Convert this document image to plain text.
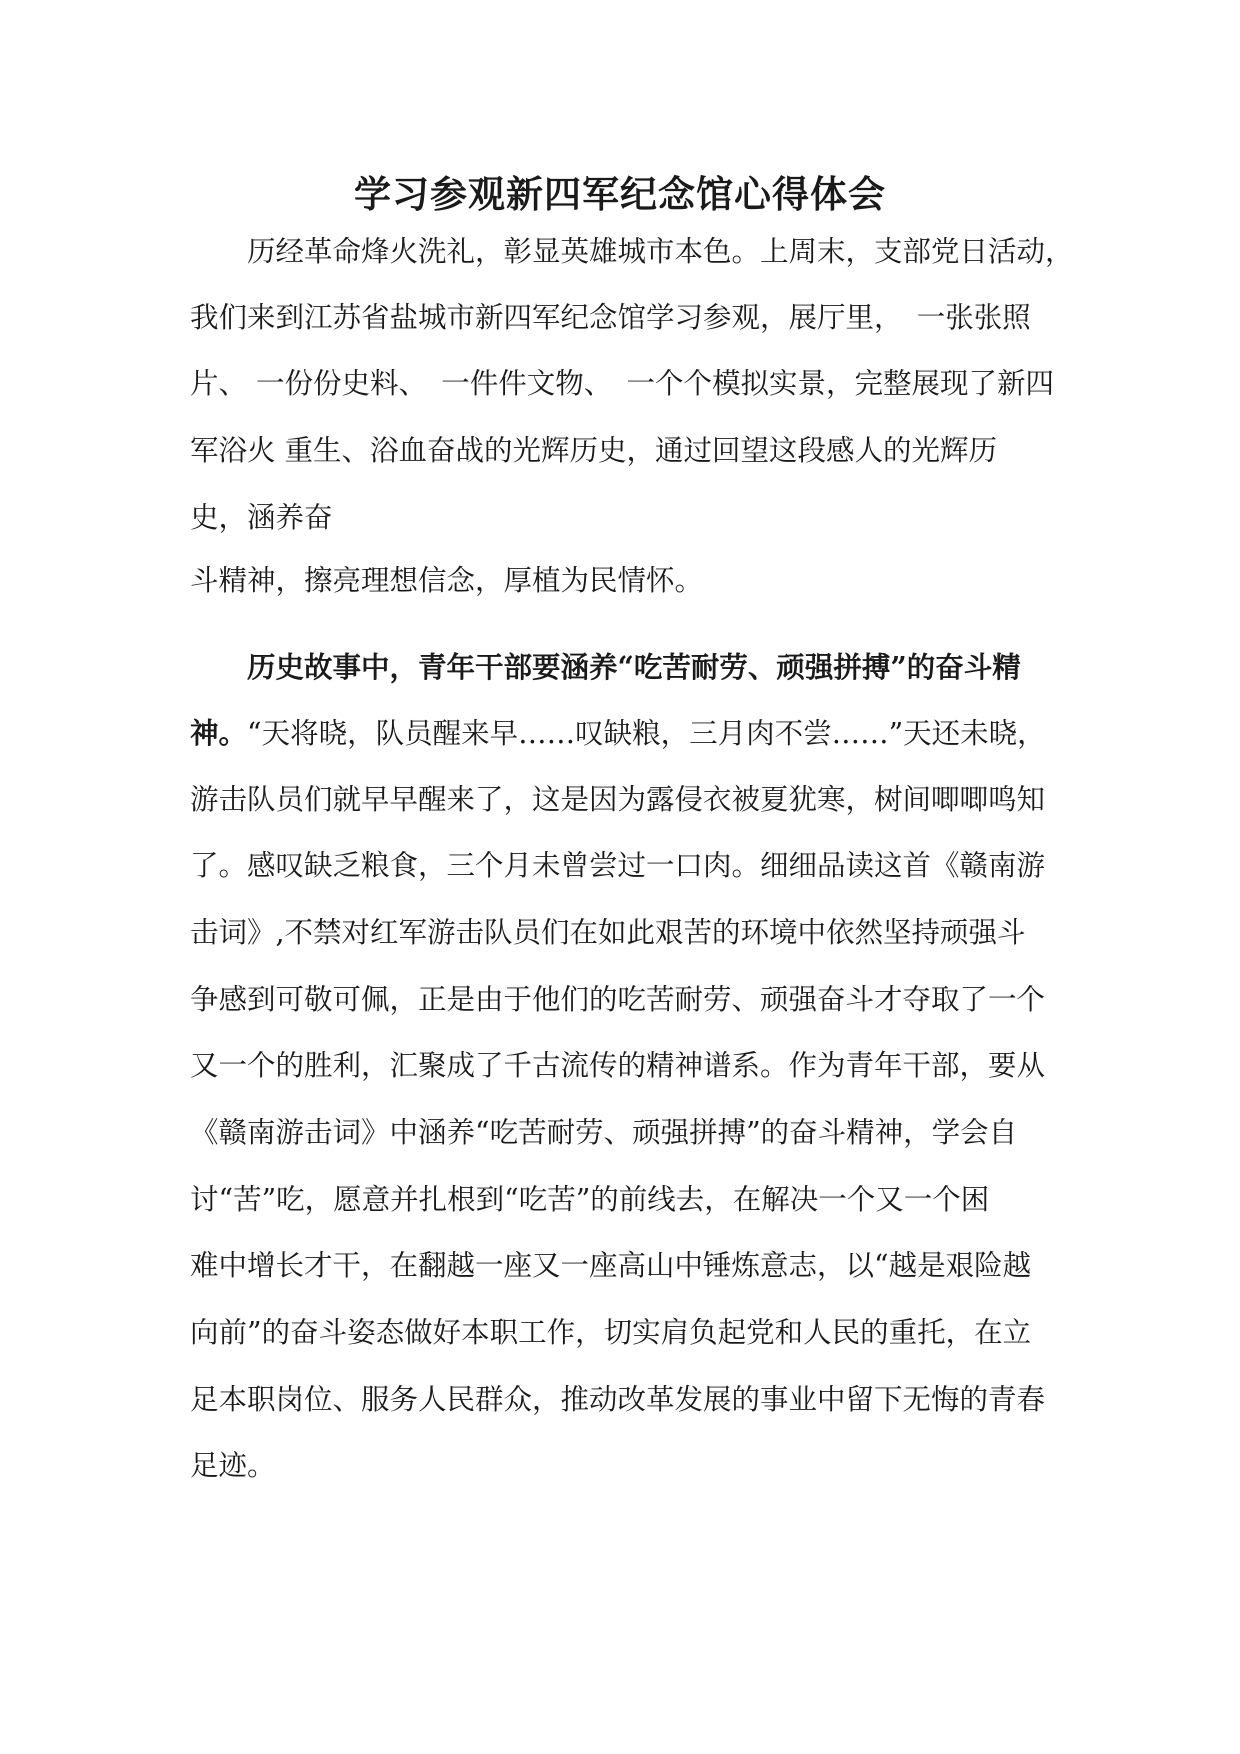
学习参观新四军纪念馆心得体会
　　历经革命烽火洗礼，彰显英雄城市本色。上周末，支部党日活动，
我们来到江苏省盐城市新四军纪念馆学习参观，展厅里，　一张张照
片、 一份份史料、　一件件文物、　一个个模拟实景，完整展现了新四
军浴火 重生、浴血奋战的光辉历史，通过回望这段感人的光辉历
史，涵养奋
斗精神，擦亮理想信念，厚植为民情怀。
　　历史故事中，青年干部要涵养“吃苦耐劳、顽强拼搏”的奋斗精
神。“天将晓，队员醒来早……叹缺粮，三月肉不尝……”天还未晓，
游击队员们就早早醒来了，这是因为露侵衣被夏犹寒，树间唧唧鸣知
了。感叹缺乏粮食，三个月未曾尝过一口肉。细细品读这首《赣南游
击词》,不禁对红军游击队员们在如此艰苦的环境中依然坚持顽强斗
争感到可敬可佩，正是由于他们的吃苦耐劳、顽强奋斗才夺取了一个
又一个的胜利，汇聚成了千古流传的精神谱系。作为青年干部，要从
《赣南游击词》中涵养“吃苦耐劳、顽强拼搏”的奋斗精神，学会自
讨“苦”吃，愿意并扎根到“吃苦”的前线去，在解决一个又一个困
难中增长才干，在翻越一座又一座高山中锤炼意志，以“越是艰险越
向前”的奋斗姿态做好本职工作，切实肩负起党和人民的重托，在立
足本职岗位、服务人民群众，推动改革发展的事业中留下无悔的青春
足迹。
